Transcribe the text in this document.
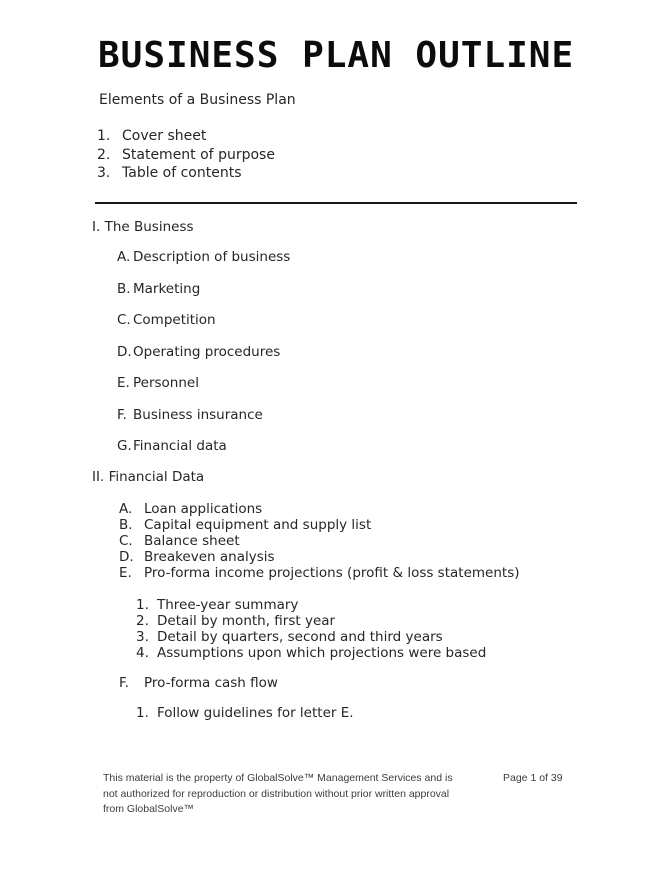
BUSINESS PLAN OUTLINE
Elements of a Business Plan
1. Cover sheet
2. Statement of purpose
3. Table of contents
I. The Business
A. Description of business
B. Marketing
C. Competition
D.Operating procedures
E. Personnel
F. Business insurance
G.Financial data
II. Financial Data
A. Loan applications
B. Capital equipment and supply list
C. Balance sheet
D. Breakeven analysis
E. Pro-forma income projections (profit & loss statements)
1. Three-year summary
2. Detail by month, first year
3. Detail by quarters, second and third years
4. Assumptions upon which projections were based
F. Pro-forma cash flow
1. Follow guidelines for letter E.
This material is the property of GlobalSolve™ Management Services and is
not authorized for reproduction or distribution without prior written approval
from GlobalSolve™
Page 1 of 39
